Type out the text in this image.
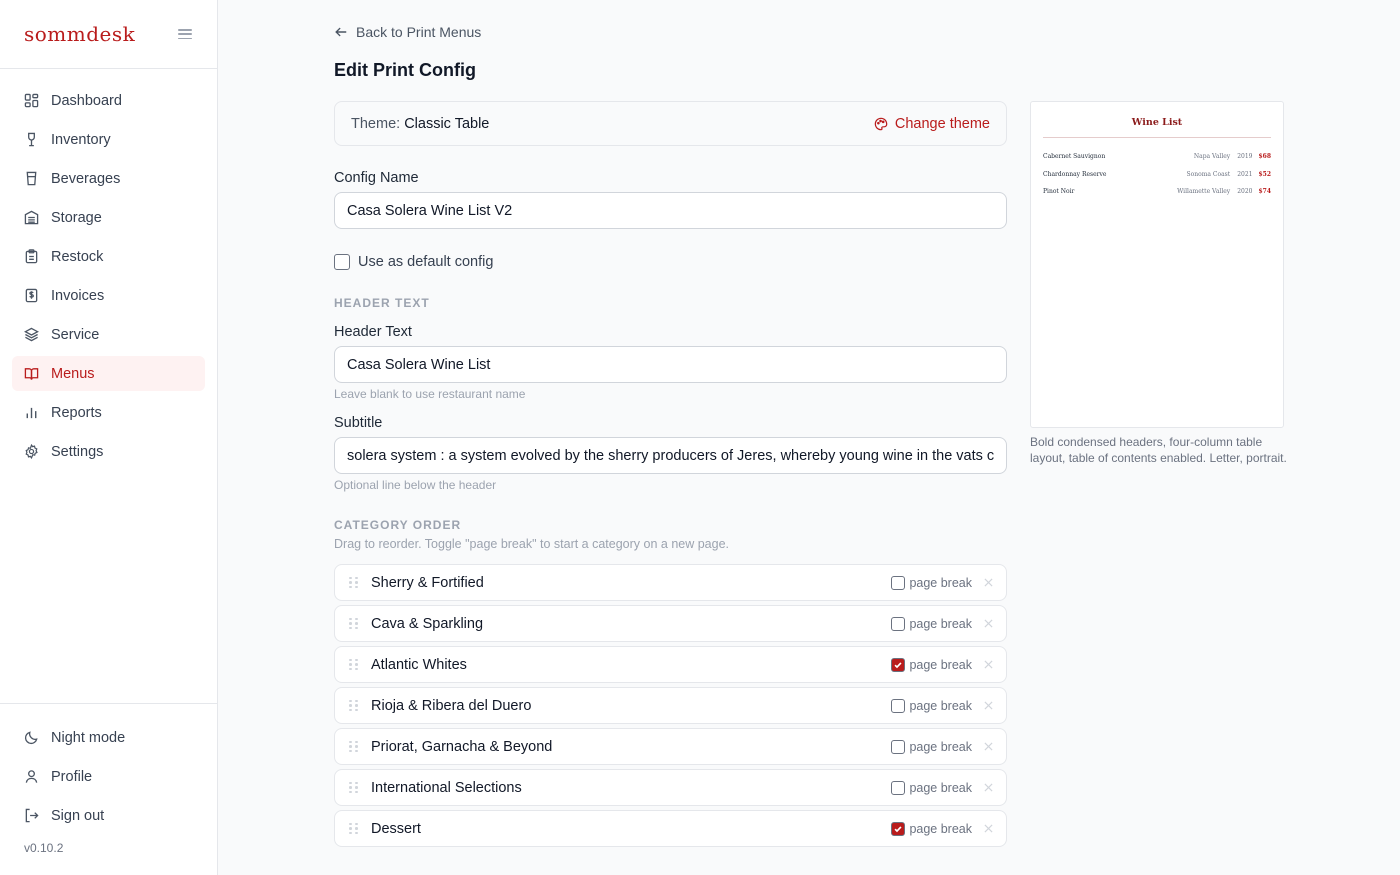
sommdesk
Dashboard
Inventory
Beverages
Storage
Restock
Invoices
Service
Menus
Reports
Settings
Night mode
Profile
Sign out
v0.10.2
Back to Print Menus
Edit Print Config
Theme: Classic Table	Change theme
Config Name
Casa Solera Wine List V2
Use as default config
HEADER TEXT
Header Text
Casa Solera Wine List
Leave blank to use restaurant name
Subtitle
solera system : a system evolved by the sherry producers of Jeres, whereby young wine in the vats c
Optional line below the header
CATEGORY ORDER
Drag to reorder. Toggle "page break" to start a category on a new page.
Sherry & Fortified	page break
Cava & Sparkling	page break
Atlantic Whites	page break
Rioja & Ribera del Duero	page break
Priorat, Garnacha & Beyond	page break
International Selections	page break
Dessert	page break
Wine List
Cabernet Sauvignon	Napa Valley 2019 $68
Chardonnay Reserve	Sonoma Coast 2021 $52
Pinot Noir	Willamette Valley 2020 $74
Bold condensed headers, four-column table layout, table of contents enabled. Letter, portrait.
